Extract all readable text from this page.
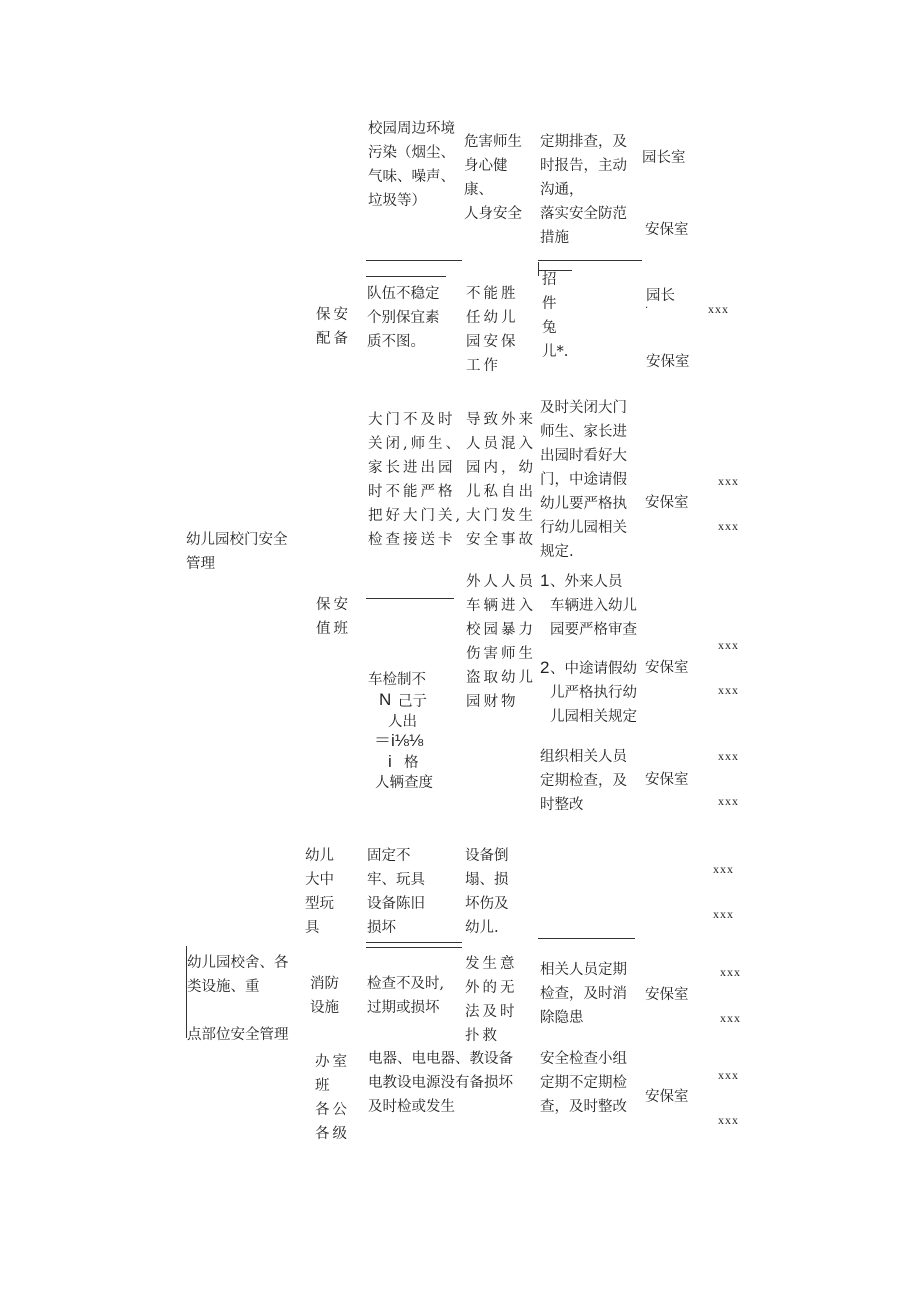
校园周边环境
污染（烟尘、
气味、噪声、
垃圾等）
危害师生
身心健
康、
人身安全
定期排查，及
时报告，主动
沟通，
落实安全防范
措施
园长室
安保室
保安
配备
队伍不稳定
个别保宜素
质不图。
不能胜
任幼儿
园安保
工作
招
件
兔
儿*.
园长
·
安保室
xxx
幼儿园校门安全
管理
大门不及时
关闭,师生、
家长进出园
时不能严格
把好大门关,
检查接送卡
导致外来
人员混入
园内，幼
儿私自出
大门发生
安全事故
及时关闭大门
师生、家长进
出园时看好大
门，中途请假
幼儿要严格执
行幼儿园相关
规定.
安保室
xxx
xxx
保安
值班
车检制不
N 己亍
人出
＝i⅛⅛
i 格
人辆查度
外人人员
车辆进入
校园暴力
伤害师生
盗取幼儿
园财物
1 、外来人员
车辆进入幼儿
园要严格审查
2 、中途请假幼
儿严格执行幼
儿园相关规定
安保室
xxx
xxx
组织相关人员
定期检查，及
时整改
安保室
xxx
xxx
幼儿
大中
型玩
具
固定不
牢、玩具
设备陈旧
损坏
设备倒
塌、损
坏伤及
幼儿.
xxx
xxx
幼儿园校舍、各
类设施、重

点部位安全管理
消防
设施
检查不及时,
过期或损坏
发生意
外的无
法及时
扑救
相关人员定期
检查，及时消
除隐患
安保室
xxx
xxx
办室
班
各公
各级
电器、电电器、教设备
电教设电源没有备损坏
及时检或发生
安全检查小组
定期不定期检
查，及时整改
安保室
xxx
xxx
